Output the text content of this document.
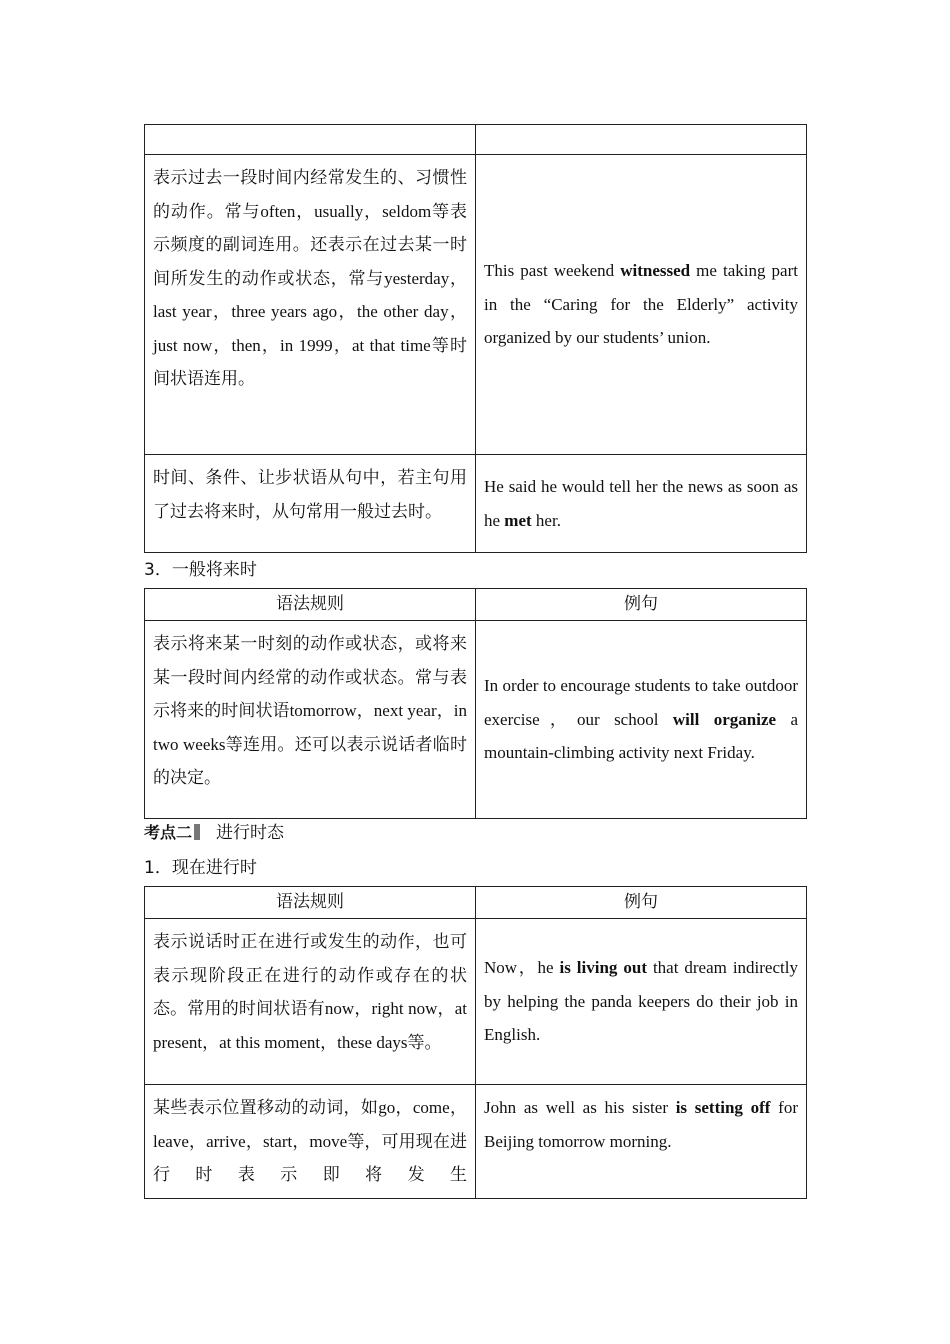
表示过去一段时间内经常发生的、习惯性的动作。常与often，usually，seldom等表示频度的副词连用。还表示在过去某一时间所发生的动作或状态，常与yesterday，last year，three years ago，the other day，just now，then，in 1999，at that time等时间状语连用。	This past weekend witnessed me taking part in the “Caring for the Elderly” activity organized by our students’ union.
时间、条件、让步状语从句中，若主句用了过去将来时，从句常用一般过去时。	He said he would tell her the news as soon as he met her.
3．一般将来时
语法规则	例句
表示将来某一时刻的动作或状态，或将来某一段时间内经常的动作或状态。常与表示将来的时间状语tomorrow，next year，in two weeks等连用。还可以表示说话者临时的决定。	In order to encourage students to take outdoor exercise，our school will organize a mountain-climbing activity next Friday.
考点二 进行时态
1．现在进行时
语法规则	例句
表示说话时正在进行或发生的动作，也可表示现阶段正在进行的动作或存在的状态。常用的时间状语有now，right now，at present，at this moment，these days等。	Now，he is living out that dream indirectly by helping the panda keepers do their job in English.
某些表示位置移动的动词，如go，come，leave，arrive，start，move等，可用现在进行时表示即将发生	John as well as his sister is setting off for Beijing tomorrow morning.
